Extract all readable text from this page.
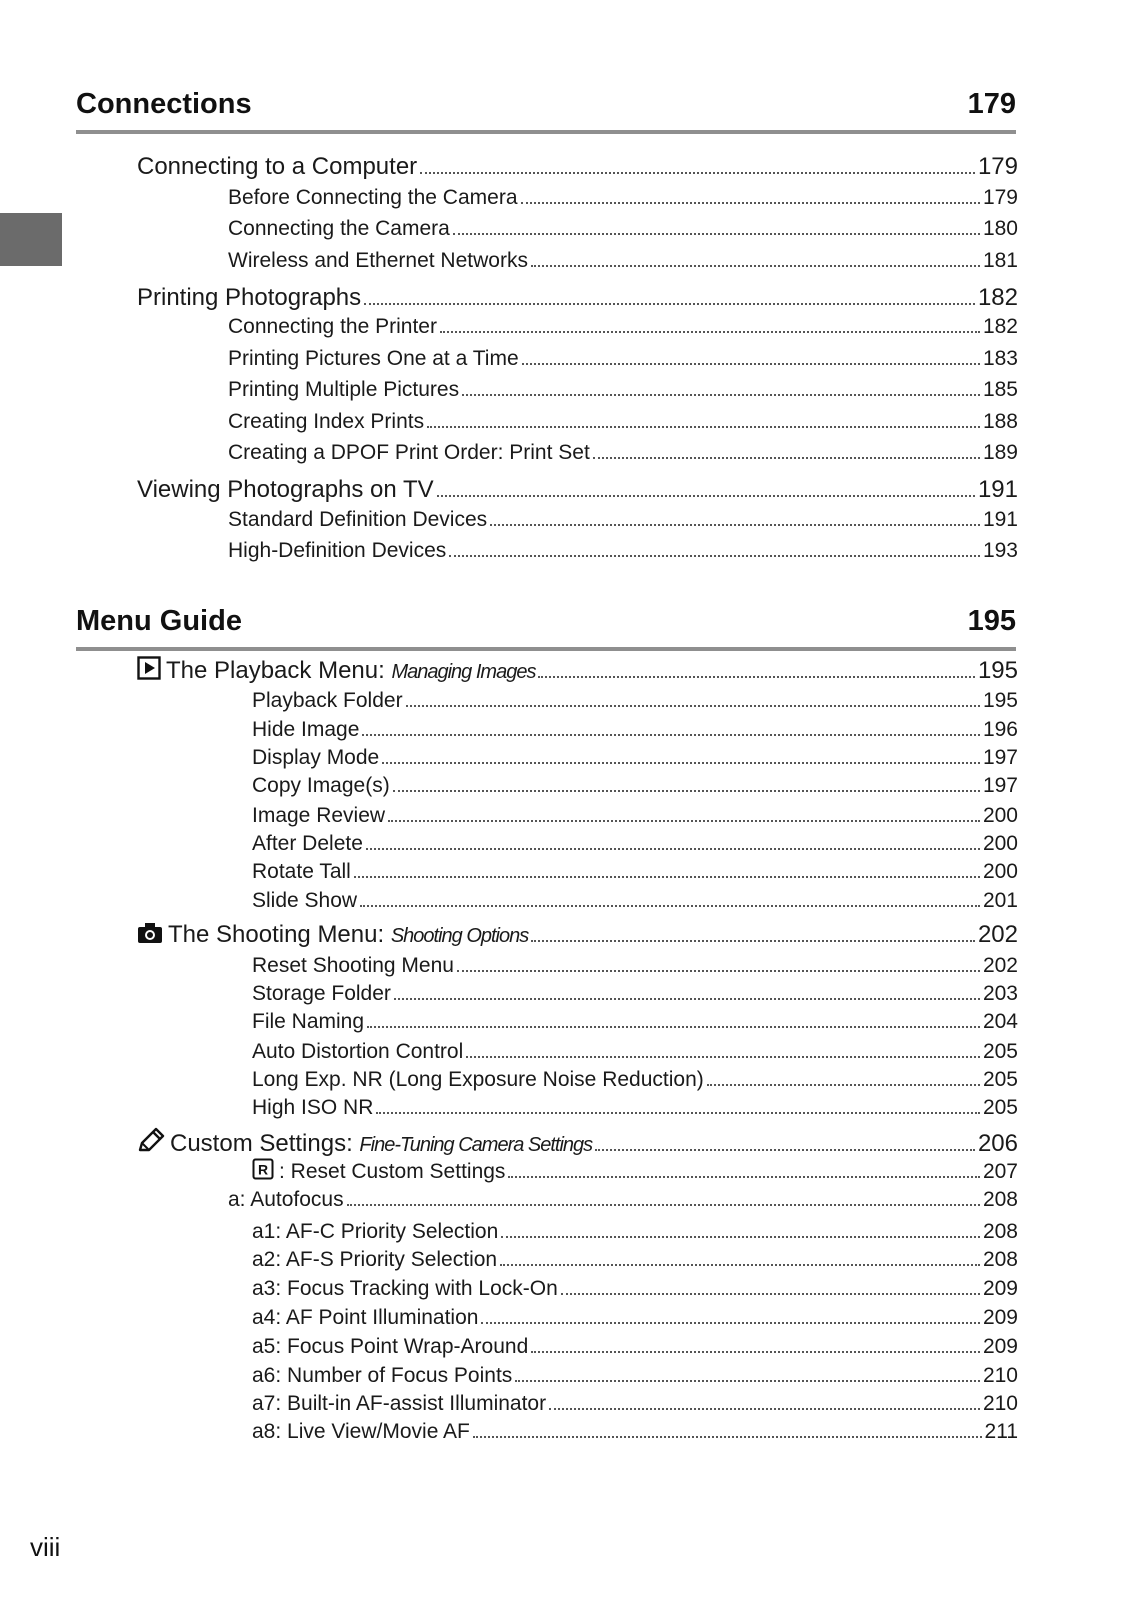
Connections	179
Menu Guide	195
Connecting to a Computer	179
Before Connecting the Camera	179
Connecting the Camera	180
Wireless and Ethernet Networks	181
Printing Photographs	182
Connecting the Printer	182
Printing Pictures One at a Time	183
Printing Multiple Pictures	185
Creating Index Prints	188
Creating a DPOF Print Order: Print Set	189
Viewing Photographs on TV	191
Standard Definition Devices	191
High-Definition Devices	193
The Playback Menu: Managing Images	195
Playback Folder	195
Hide Image	196
Display Mode	197
Copy Image(s)	197
Image Review	200
After Delete	200
Rotate Tall	200
Slide Show	201
The Shooting Menu: Shooting Options	202
Reset Shooting Menu	202
Storage Folder	203
File Naming	204
Auto Distortion Control	205
Long Exp. NR (Long Exposure Noise Reduction)	205
High ISO NR	205
Custom Settings: Fine-Tuning Camera Settings	206
R : Reset Custom Settings	207
a: Autofocus	208
a1: AF-C Priority Selection	208
a2: AF-S Priority Selection	208
a3: Focus Tracking with Lock-On	209
a4: AF Point Illumination	209
a5: Focus Point Wrap-Around	209
a6: Number of Focus Points	210
a7: Built-in AF-assist Illuminator	210
a8: Live View/Movie AF	211
viii
